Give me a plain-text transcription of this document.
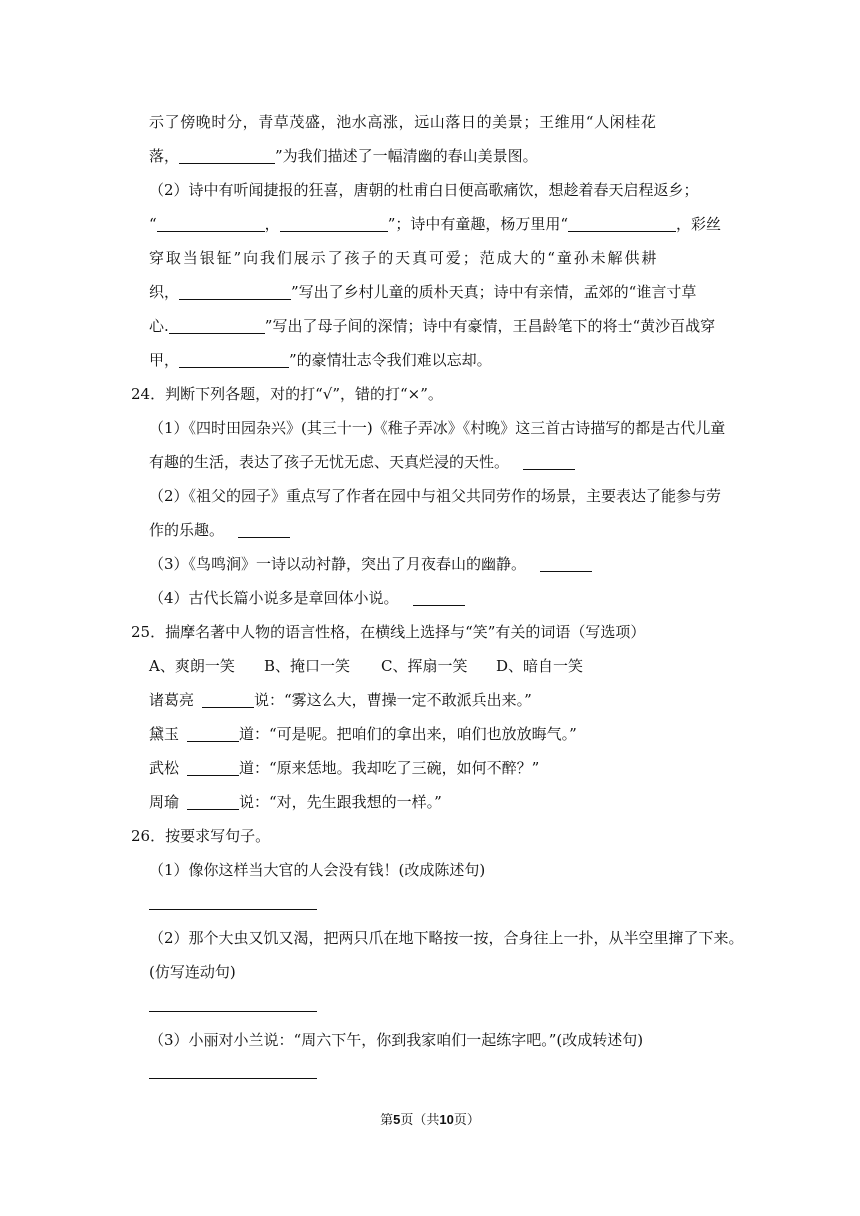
示了傍晚时分，青草茂盛，池水高涨，远山落日的美景；王维用“人闲桂花
落，	”为我们描述了一幅清幽的春山美景图。
（2）诗中有听闻捷报的狂喜，唐朝的杜甫白日便高歌痛饮，想趁着春天启程返乡；
“	，	”；诗中有童趣，杨万里用“	，彩丝
穿取当银钲”向我们展示了孩子的天真可爱；范成大的“童孙未解供耕
织，	”写出了乡村儿童的质朴天真；诗中有亲情，孟郊的“谁言寸草
心.	”写出了母子间的深情；诗中有豪情，王昌龄笔下的将士“黄沙百战穿
甲，	”的豪情壮志令我们难以忘却。
24．判断下列各题，对的打“√”，错的打“×”。
（1）《四时田园杂兴》(其三十一)《稚子弄冰》《村晚》这三首古诗描写的都是古代儿童
有趣的生活，表达了孩子无忧无虑、天真烂浸的天性。
（2）《祖父的园子》重点写了作者在园中与祖父共同劳作的场景，主要表达了能参与劳
作的乐趣。
（3）《鸟鸣涧》一诗以动衬静，突出了月夜春山的幽静。
（4）古代长篇小说多是章回体小说。
25．揣摩名著中人物的语言性格，在横线上选择与“笑”有关的词语（写选项）
A、爽朗一笑 B、掩口一笑 C、挥扇一笑 D、暗自一笑
诸葛亮	说：“雾这么大，曹操一定不敢派兵出来。”
黛玉	道：“可是呢。把咱们的拿出来，咱们也放放晦气。”
武松	道：“原来恁地。我却吃了三碗，如何不醉？”
周瑜	说：“对，先生跟我想的一样。”
26．按要求写句子。
（1）像你这样当大官的人会没有钱！(改成陈述句)
（2）那个大虫又饥又渴，把两只爪在地下略按一按，合身往上一扑，从半空里撺了下来。
(仿写连动句)
（3）小丽对小兰说：“周六下午，你到我家咱们一起练字吧。”(改成转述句)
第5页（共10页）
